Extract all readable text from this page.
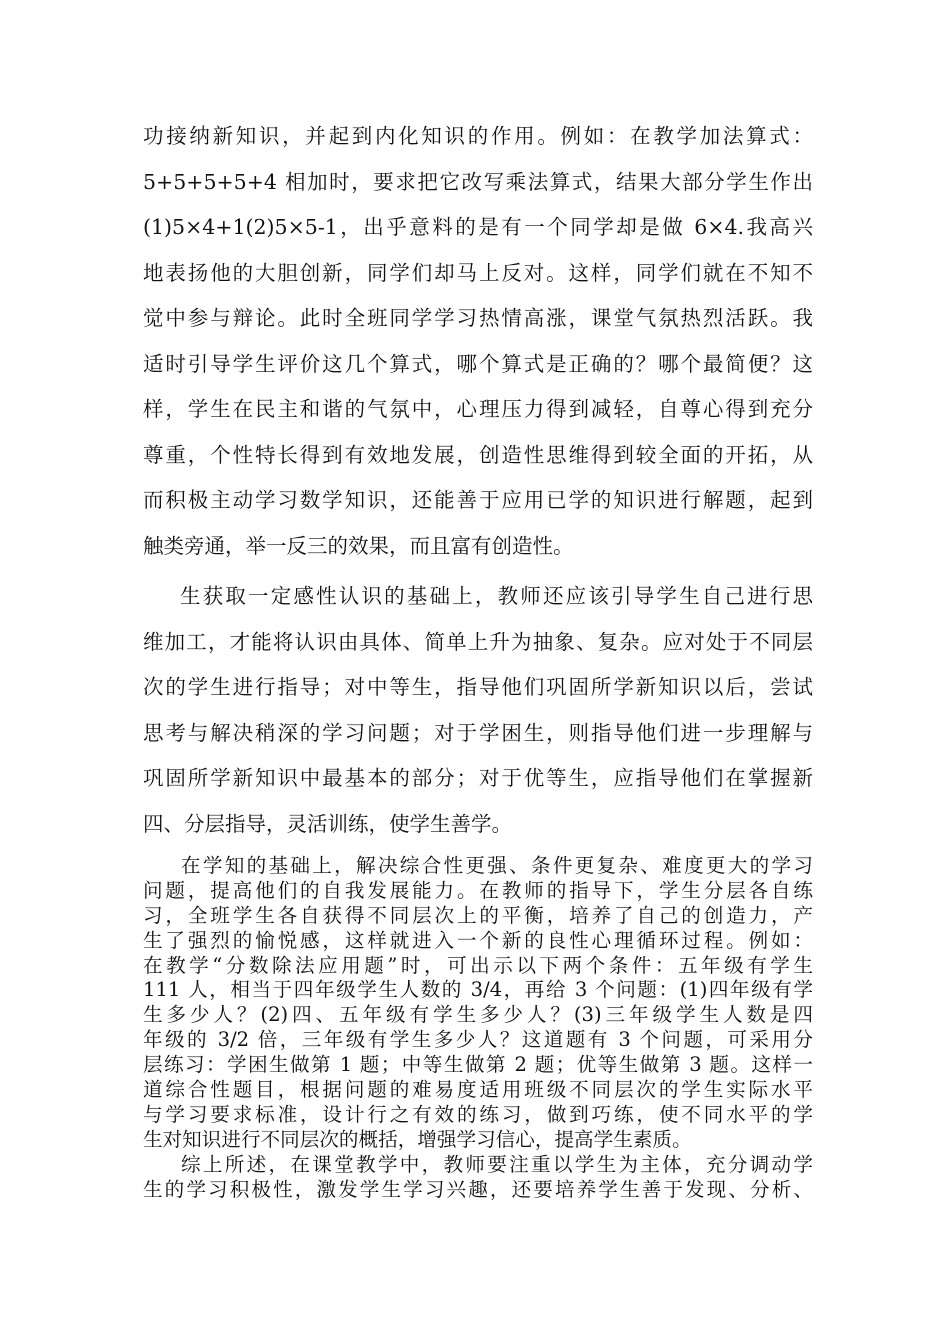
功接纳新知识，并起到内化知识的作用。例如：在教学加法算式：
5+5+5+5+4 相加时，要求把它改写乘法算式，结果大部分学生作出
(1)5×4+1(2)5×5-1，出乎意料的是有一个同学却是做 6×4.我高兴
地表扬他的大胆创新，同学们却马上反对。这样，同学们就在不知不
觉中参与辩论。此时全班同学学习热情高涨，课堂气氛热烈活跃。我
适时引导学生评价这几个算式，哪个算式是正确的？哪个最简便？这
样，学生在民主和谐的气氛中，心理压力得到减轻，自尊心得到充分
尊重，个性特长得到有效地发展，创造性思维得到较全面的开拓，从
而积极主动学习数学知识，还能善于应用已学的知识进行解题，起到
触类旁通，举一反三的效果，而且富有创造性。
生获取一定感性认识的基础上，教师还应该引导学生自己进行思
维加工，才能将认识由具体、简单上升为抽象、复杂。应对处于不同层
次的学生进行指导；对中等生，指导他们巩固所学新知识以后，尝试
思考与解决稍深的学习问题；对于学困生，则指导他们进一步理解与
巩固所学新知识中最基本的部分；对于优等生，应指导他们在掌握新
四、分层指导，灵活训练，使学生善学。
在学知的基础上，解决综合性更强、条件更复杂、难度更大的学习
问题，提高他们的自我发展能力。在教师的指导下，学生分层各自练
习，全班学生各自获得不同层次上的平衡，培养了自己的创造力，产
生了强烈的愉悦感，这样就进入一个新的良性心理循环过程。例如：
在教学“分数除法应用题”时，可出示以下两个条件：五年级有学生
111 人，相当于四年级学生人数的 3/4，再给 3 个问题：(1)四年级有学
生多少人？(2)四、五年级有学生多少人？(3)三年级学生人数是四
年级的 3/2 倍，三年级有学生多少人？这道题有 3 个问题，可采用分
层练习：学困生做第 1 题；中等生做第 2 题；优等生做第 3 题。这样一
道综合性题目，根据问题的难易度适用班级不同层次的学生实际水平
与学习要求标准，设计行之有效的练习，做到巧练，使不同水平的学
生对知识进行不同层次的概括，增强学习信心，提高学生素质。
综上所述，在课堂教学中，教师要注重以学生为主体，充分调动学
生的学习积极性，激发学生学习兴趣，还要培养学生善于发现、分析、
